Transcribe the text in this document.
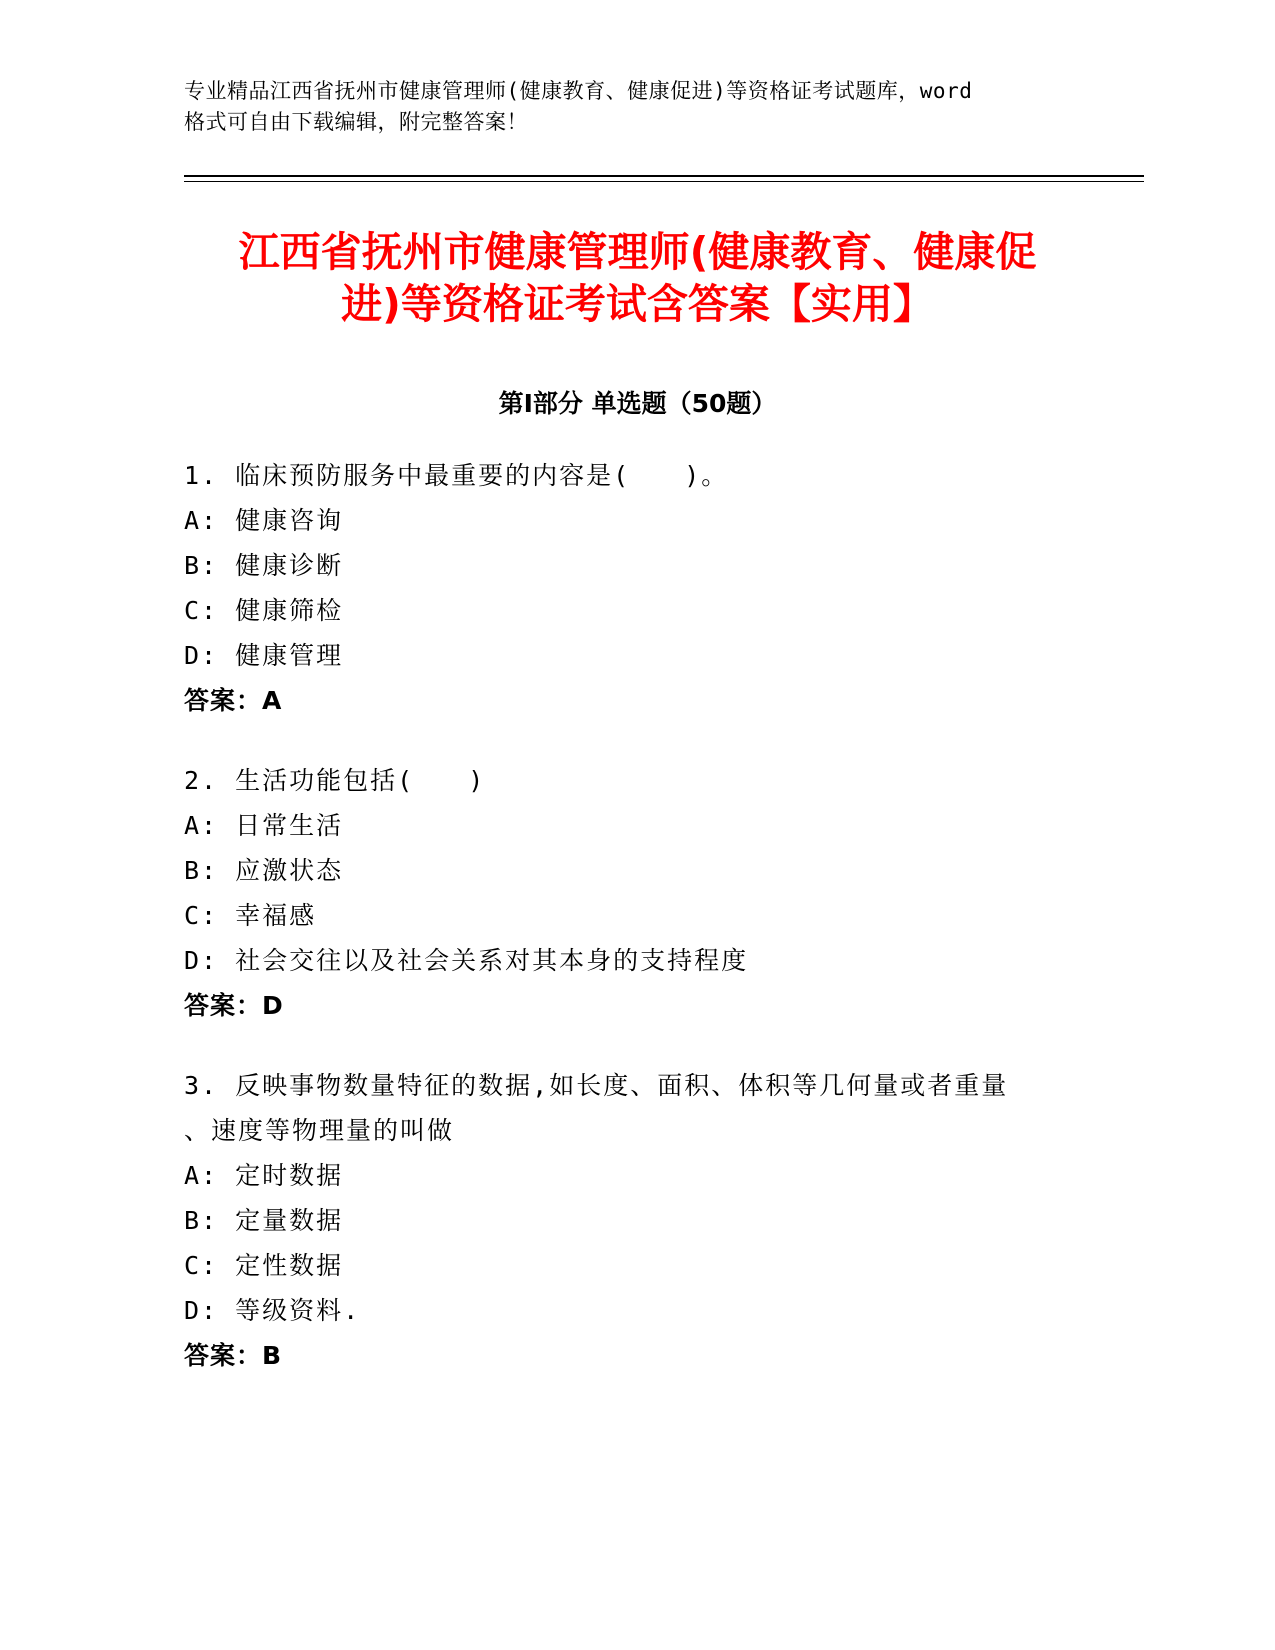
专业精品江西省抚州市健康管理师(健康教育、健康促进)等资格证考试题库，word

格式可自由下载编辑，附完整答案！

江西省抚州市健康管理师(健康教育、健康促

进)等资格证考试含答案【实用】

第Ⅰ部分 单选题（50题）
1. 临床预防服务中最重要的内容是(　　)。
A: 健康咨询
B: 健康诊断
C: 健康筛检
D: 健康管理
答案：A
2. 生活功能包括(　　)
A: 日常生活
B: 应激状态
C: 幸福感
D: 社会交往以及社会关系对其本身的支持程度
答案：D
3. 反映事物数量特征的数据,如长度、面积、体积等几何量或者重量
、速度等物理量的叫做
A: 定时数据
B: 定量数据
C: 定性数据
D: 等级资料.
答案：B
